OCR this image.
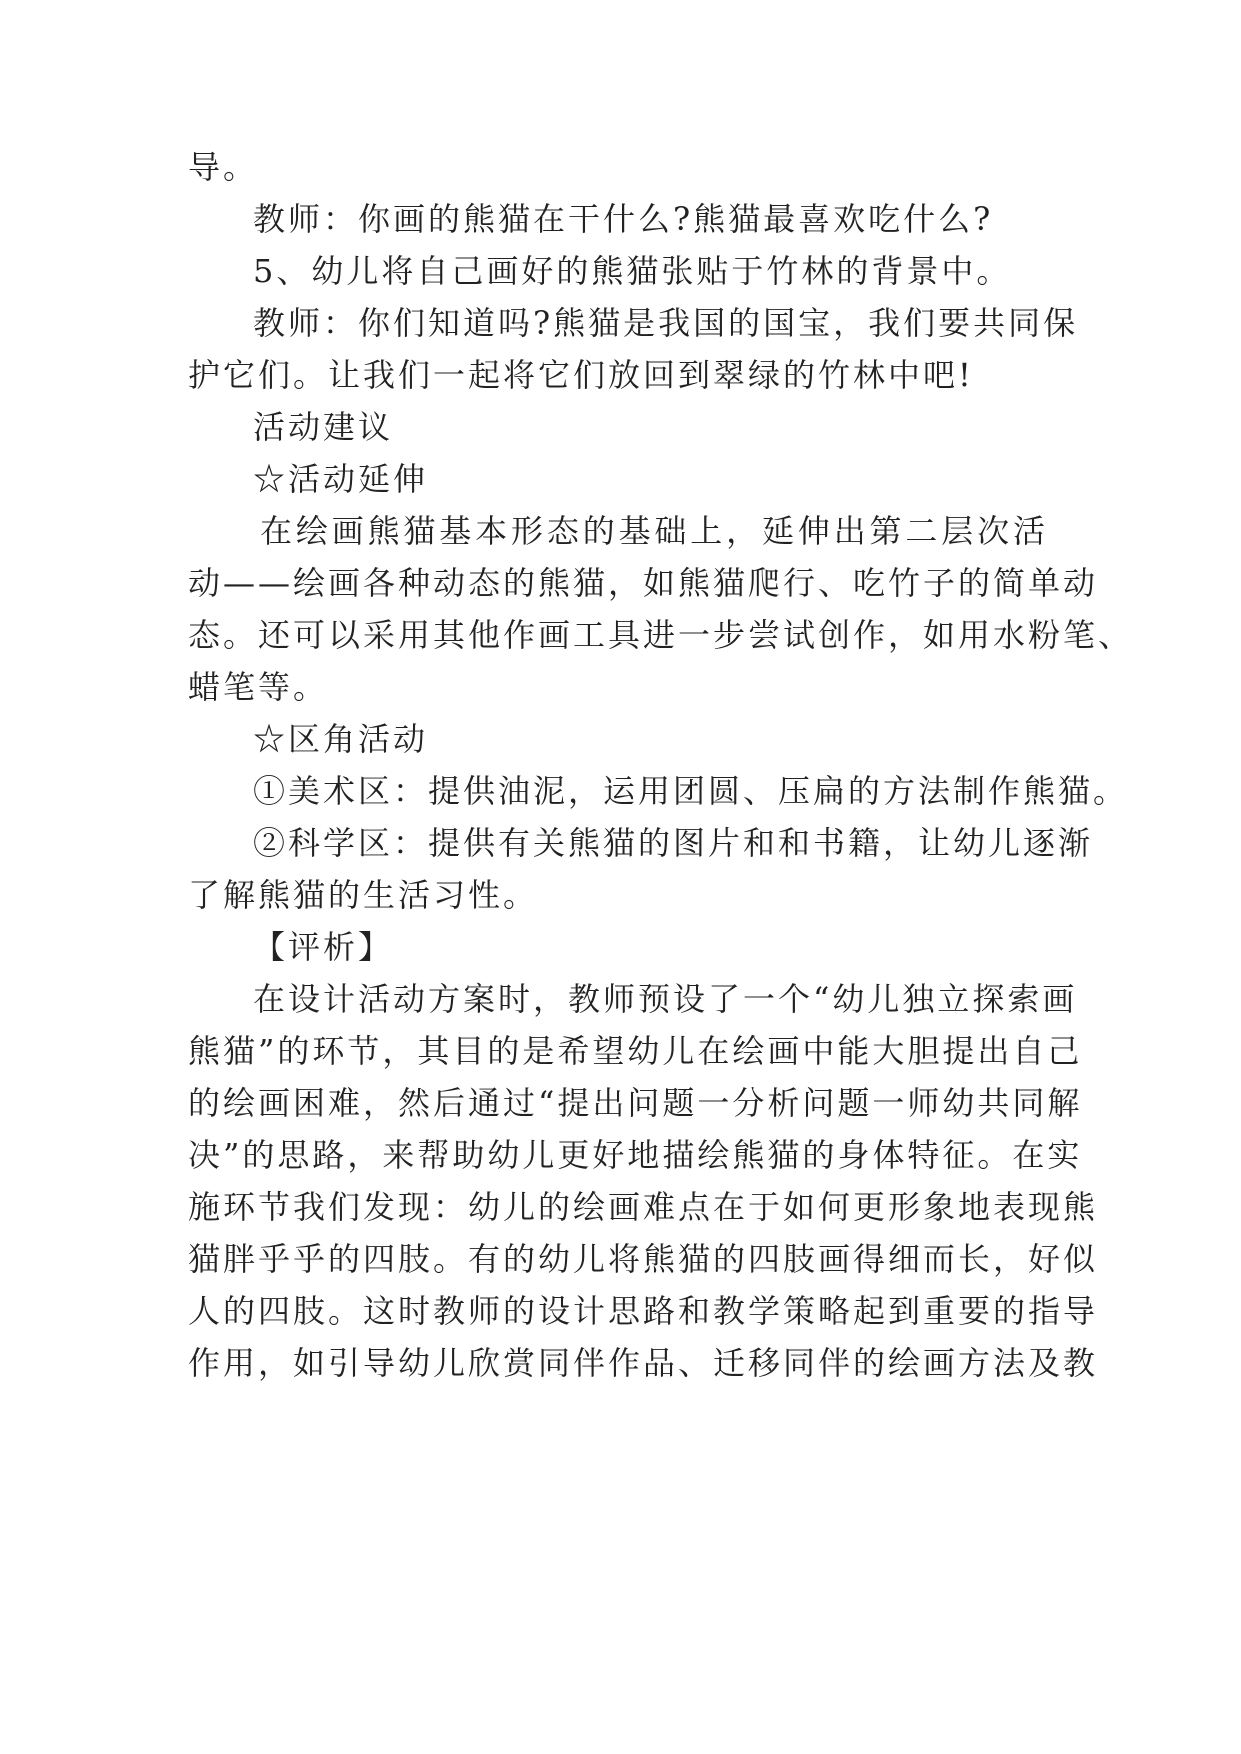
导。
教师：你画的熊猫在干什么?熊猫最喜欢吃什么?
5、幼儿将自己画好的熊猫张贴于竹林的背景中。
教师：你们知道吗?熊猫是我国的国宝，我们要共同保
护它们。让我们一起将它们放回到翠绿的竹林中吧!
活动建议
☆活动延伸
在绘画熊猫基本形态的基础上，延伸出第二层次活
动——绘画各种动态的熊猫，如熊猫爬行、吃竹子的简单动
态。还可以采用其他作画工具进一步尝试创作，如用水粉笔、
蜡笔等。
☆区角活动
①美术区：提供油泥，运用团圆、压扁的方法制作熊猫。
②科学区：提供有关熊猫的图片和和书籍，让幼儿逐渐
了解熊猫的生活习性。
【评析】
在设计活动方案时，教师预设了一个“幼儿独立探索画
熊猫”的环节，其目的是希望幼儿在绘画中能大胆提出自己
的绘画困难，然后通过“提出问题一分析问题一师幼共同解
决”的思路，来帮助幼儿更好地描绘熊猫的身体特征。在实
施环节我们发现：幼儿的绘画难点在于如何更形象地表现熊
猫胖乎乎的四肢。有的幼儿将熊猫的四肢画得细而长，好似
人的四肢。这时教师的设计思路和教学策略起到重要的指导
作用，如引导幼儿欣赏同伴作品、迁移同伴的绘画方法及教
